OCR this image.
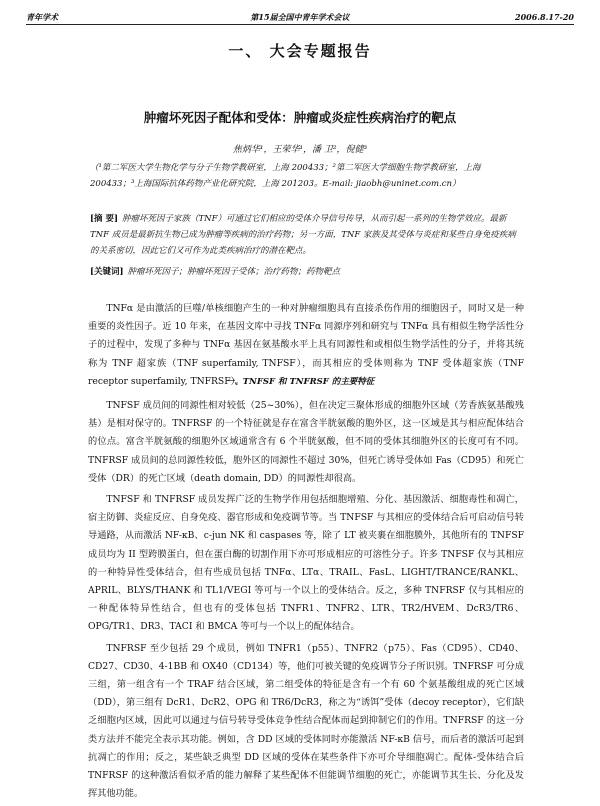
青年学术	第15届全国中青年学术会议	2006.8.17-20
一、 大会专题报告
肿瘤坏死因子配体和受体：肿瘤或炎症性疾病治疗的靶点
焦炳华¹，王荣华¹，潘 卫²，倪健³
（¹第二军医大学生物化学与分子生物学教研室，上海 200433；²第二军医大学细胞生物学教研室，上海 200433；³上海国际抗体药物产业化研究院，上海 201203。E-mail: jiaobh@uninet.com.cn）
[摘 要] 肿瘤坏死因子家族（TNF）可通过它们相应的受体介导信号传导，从而引起一系列的生物学效应。最新 TNF 成员是最新抗生物已成为肿瘤等疾病的治疗药物；另一方面，TNF 家族及其受体与炎症和某些自身免疫疾病的关系密切，因此它们又可作为此类疾病治疗的潜在靶点。
[关键词] 肿瘤坏死因子；肿瘤坏死因子受体；治疗药物；药物靶点

TNFα 是由激活的巨噬/单核细胞产生的一种对肿瘤细胞具有直接杀伤作用的细胞因子，同时又是一种重要的炎性因子。近 10 年来，在基因文库中寻找 TNFα 同源序列和研究与 TNFα 具有相似生物学活性分子的过程中，发现了多种与 TNFα 基因在氨基酸水平上具有同源性和或相似生物学活性的分子，并将其统称为 TNF 超家族（TNF superfamily, TNFSF），而其相应的受体则称为 TNF 受体超家族（TNF receptor superfamily, TNFRSF）。

一、TNFSF 和 TNFRSF 的主要特征

TNFSF 成员间的同源性相对较低（25~30%），但在决定三聚体形成的细胞外区域（芳香族氨基酸残基）是相对保守的。TNFRSF 的一个特征就是存在富含半胱氨酸的胞外区，这一区域是其与相应配体结合的位点。富含半胱氨酸的细胞外区域通常含有 6 个半胱氨酸，但不同的受体其细胞外区的长度可有不同。TNFRSF 成员间的总同源性较低，胞外区的同源性不超过 30%，但死亡诱导受体如 Fas（CD95）和死亡受体（DR）的死亡区域（death domain, DD）的同源性却很高。

TNFSF 和 TNFRSF 成员发挥广泛的生物学作用包括细胞增殖、分化、基因激活、细胞毒性和凋亡，宿主防御、炎症反应、自身免疫、器官形成和免疫调节等。当 TNFSF 与其相应的受体结合后可启动信号转导通路，从而激活 NF-κB、c-jun NK 和 caspases 等，除了 LT 被夹裹在细胞膜外，其他所有的 TNFSF 成员均为 II 型跨膜蛋白，但在蛋白酶的切割作用下亦可形成相应的可溶性分子。许多 TNFSF 仅与其相应的一种特异性受体结合，但有些成员包括 TNFα、LTα、TRAIL、FasL、LIGHT/TRANCE/RANKL、APRIL、BLYS/THANK 和 TL1/VEGI 等可与一个以上的受体结合。反之，多种 TNFRSF 仅与其相应的一种配体特异性结合，但也有的受体包括 TNFR1、TNFR2、LTR、TR2/HVEM、DcR3/TR6、OPG/TR1、DR3、TACI 和 BMCA 等可与一个以上的配体结合。

TNFRSF 至少包括 29 个成员，例如 TNFR1（p55）、TNFR2（p75）、Fas（CD95）、CD40、CD27、CD30、4-1BB 和 OX40（CD134）等，他们可被关键的免疫调节分子所识别。TNFRSF 可分成三组，第一组含有一个 TRAF 结合区域，第二组受体的特征是含有一个有 60 个氨基酸组成的死亡区域（DD），第三组有 DcR1、DcR2、OPG 和 TR6/DcR3，称之为“诱饵”受体（decoy receptor），它们缺乏细胞内区域，因此可以通过与信号转导受体竞争性结合配体而起到抑制它们的作用。TNFRSF 的这一分类方法并不能完全表示其功能。例如，含 DD 区域的受体同时亦能激活 NF-κB 信号，而后者的激活可起到抗凋亡的作用；反之，某些缺乏典型 DD 区域的受体在某些条件下亦可介导细胞凋亡。配体-受体结合后 TNFRSF 的这种激活看似矛盾的能力解释了某些配体不但能调节细胞的死亡，亦能调节其生长、分化及发挥其他功能。
